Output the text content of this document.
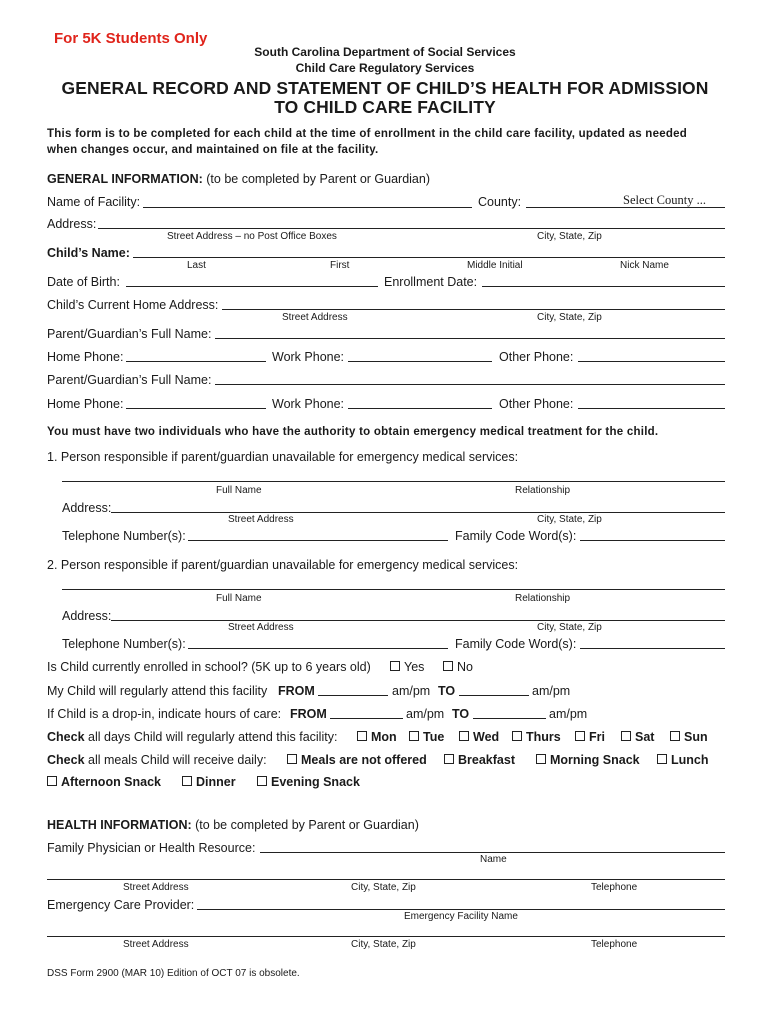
For 5K Students Only
South Carolina Department of Social Services
Child Care Regulatory Services
GENERAL RECORD AND STATEMENT OF CHILD’S HEALTH FOR ADMISSION
TO CHILD CARE FACILITY
This form is to be completed for each child at the time of enrollment in the child care facility, updated as needed
when changes occur, and maintained on file at the facility.
GENERAL INFORMATION: (to be completed by Parent or Guardian)
Name of Facility:	County:	Select County ...
Address:
Street Address – no Post Office Boxes	City, State, Zip
Child’s Name:
Last	First	Middle Initial	Nick Name
Date of Birth:	Enrollment Date:
Child’s Current Home Address:
Street Address	City, State, Zip
Parent/Guardian’s Full Name:
Home Phone:	Work Phone:	Other Phone:
Parent/Guardian’s Full Name:
Home Phone:	Work Phone:	Other Phone:
You must have two individuals who have the authority to obtain emergency medical treatment for the child.
1. Person responsible if parent/guardian unavailable for emergency medical services:
Full Name	Relationship
Address:
Street Address	City, State, Zip
Telephone Number(s):	Family Code Word(s):
2. Person responsible if parent/guardian unavailable for emergency medical services:
Full Name	Relationship
Address:
Street Address	City, State, Zip
Telephone Number(s):	Family Code Word(s):
Is Child currently enrolled in school? (5K up to 6 years old)	Yes	No
My Child will regularly attend this facility FROM	am/pm TO	am/pm
If Child is a drop-in, indicate hours of care: FROM	am/pm TO	am/pm
Check all days Child will regularly attend this facility:	Mon	Tue	Wed	Thurs	Fri	Sat	Sun
Check all meals Child will receive daily:	Meals are not offered	Breakfast	Morning Snack	Lunch
Afternoon Snack	Dinner	Evening Snack
HEALTH INFORMATION: (to be completed by Parent or Guardian)
Family Physician or Health Resource:
Name
Street Address	City, State, Zip	Telephone
Emergency Care Provider:
Emergency Facility Name
Street Address	City, State, Zip	Telephone
DSS Form 2900 (MAR 10) Edition of OCT 07 is obsolete.
